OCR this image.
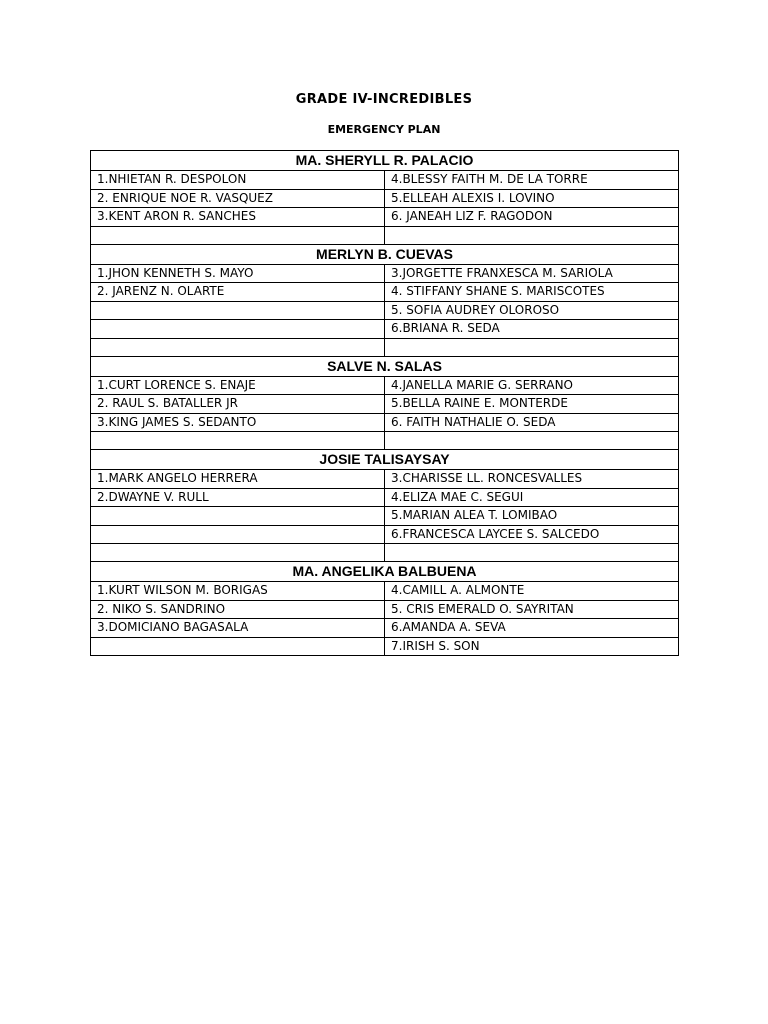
GRADE IV-INCREDIBLES
EMERGENCY PLAN
MA. SHERYLL R. PALACIO	
1.NHIETAN R. DESPOLON	4.BLESSY FAITH M. DE LA TORRE
2. ENRIQUE NOE R. VASQUEZ	5.ELLEAH ALEXIS I. LOVINO
3.KENT ARON R. SANCHES	6. JANEAH LIZ F. RAGODON

MERLYN B. CUEVAS	
1.JHON KENNETH S. MAYO	3.JORGETTE FRANXESCA M. SARIOLA
2. JARENZ N. OLARTE	4. STIFFANY SHANE S. MARISCOTES
	5. SOFIA AUDREY OLOROSO
	6.BRIANA R. SEDA

SALVE N. SALAS	
1.CURT LORENCE S. ENAJE	4.JANELLA MARIE G. SERRANO
2. RAUL S. BATALLER JR	5.BELLA RAINE E. MONTERDE
3.KING JAMES S. SEDANTO	6. FAITH NATHALIE O. SEDA

JOSIE TALISAYSAY	
1.MARK ANGELO HERRERA	3.CHARISSE LL. RONCESVALLES
2.DWAYNE V. RULL	4.ELIZA MAE C. SEGUI
	5.MARIAN ALEA T. LOMIBAO
	6.FRANCESCA LAYCEE S. SALCEDO

MA. ANGELIKA BALBUENA	
1.KURT WILSON M. BORIGAS	4.CAMILL A. ALMONTE
2. NIKO S. SANDRINO	5. CRIS EMERALD O. SAYRITAN
3.DOMICIANO BAGASALA	6.AMANDA A. SEVA
	7.IRISH S. SON
